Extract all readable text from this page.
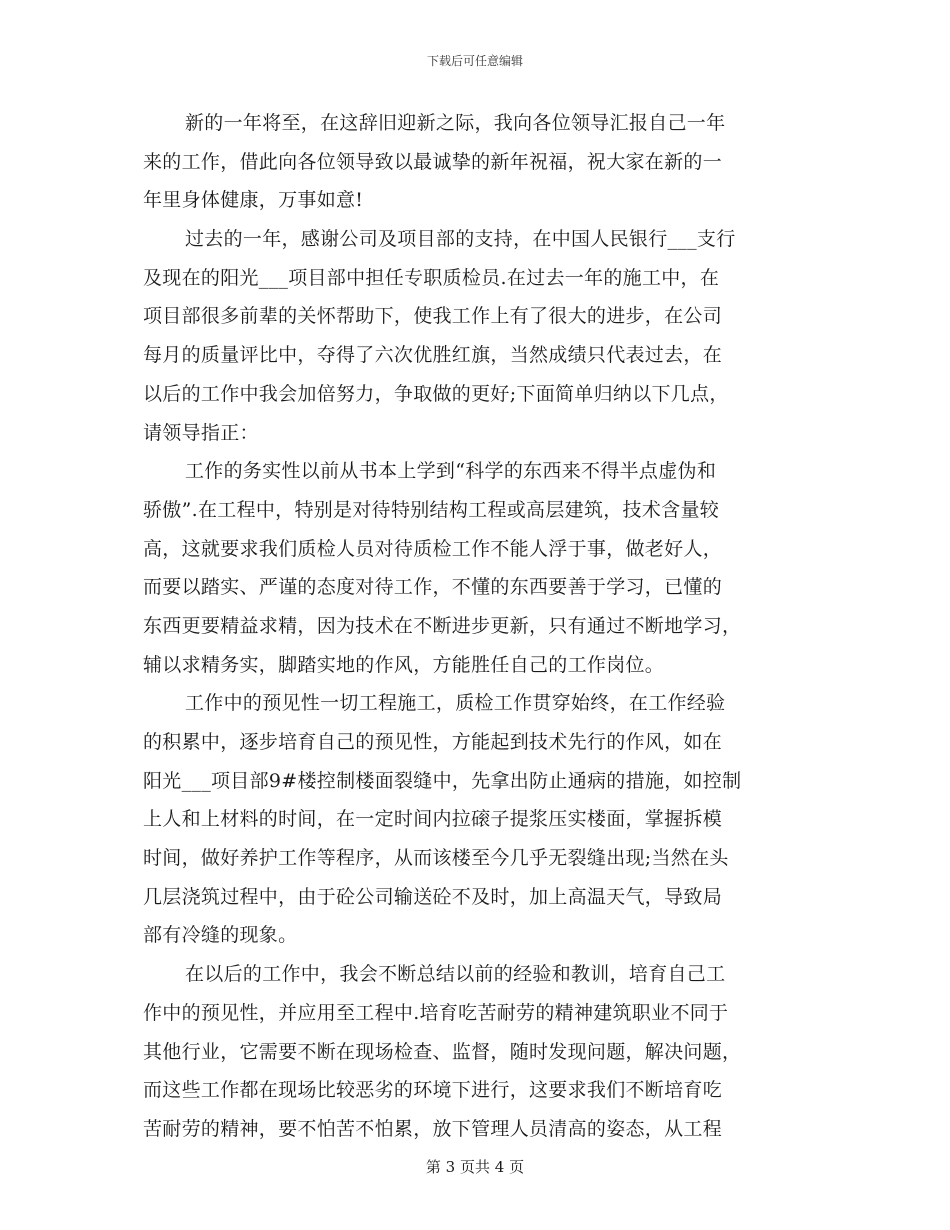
下载后可任意编辑
新的一年将至，在这辞旧迎新之际，我向各位领导汇报自己一年
来的工作，借此向各位领导致以最诚挚的新年祝福，祝大家在新的一
年里身体健康，万事如意!
过去的一年，感谢公司及项目部的支持，在中国人民银行___支行
及现在的阳光___项目部中担任专职质检员.在过去一年的施工中，在
项目部很多前辈的关怀帮助下，使我工作上有了很大的进步，在公司
每月的质量评比中，夺得了六次优胜红旗，当然成绩只代表过去，在
以后的工作中我会加倍努力，争取做的更好;下面简单归纳以下几点，
请领导指正：
工作的务实性以前从书本上学到“科学的东西来不得半点虚伪和
骄傲”.在工程中，特别是对待特别结构工程或高层建筑，技术含量较
高，这就要求我们质检人员对待质检工作不能人浮于事，做老好人，
而要以踏实、严谨的态度对待工作，不懂的东西要善于学习，已懂的
东西更要精益求精，因为技术在不断进步更新，只有通过不断地学习，
辅以求精务实，脚踏实地的作风，方能胜任自己的工作岗位。
工作中的预见性一切工程施工，质检工作贯穿始终，在工作经验
的积累中，逐步培育自己的预见性，方能起到技术先行的作风，如在
阳光___项目部9#楼控制楼面裂缝中，先拿出防止通病的措施，如控制
上人和上材料的时间，在一定时间内拉磙子提浆压实楼面，掌握拆模
时间，做好养护工作等程序，从而该楼至今几乎无裂缝出现;当然在头
几层浇筑过程中，由于砼公司输送砼不及时，加上高温天气，导致局
部有冷缝的现象。
在以后的工作中，我会不断总结以前的经验和教训，培育自己工
作中的预见性，并应用至工程中.培育吃苦耐劳的精神建筑职业不同于
其他行业，它需要不断在现场检查、监督，随时发现问题，解决问题，
而这些工作都在现场比较恶劣的环境下进行，这要求我们不断培育吃
苦耐劳的精神，要不怕苦不怕累，放下管理人员清高的姿态，从工程
第 3 页共 4 页
